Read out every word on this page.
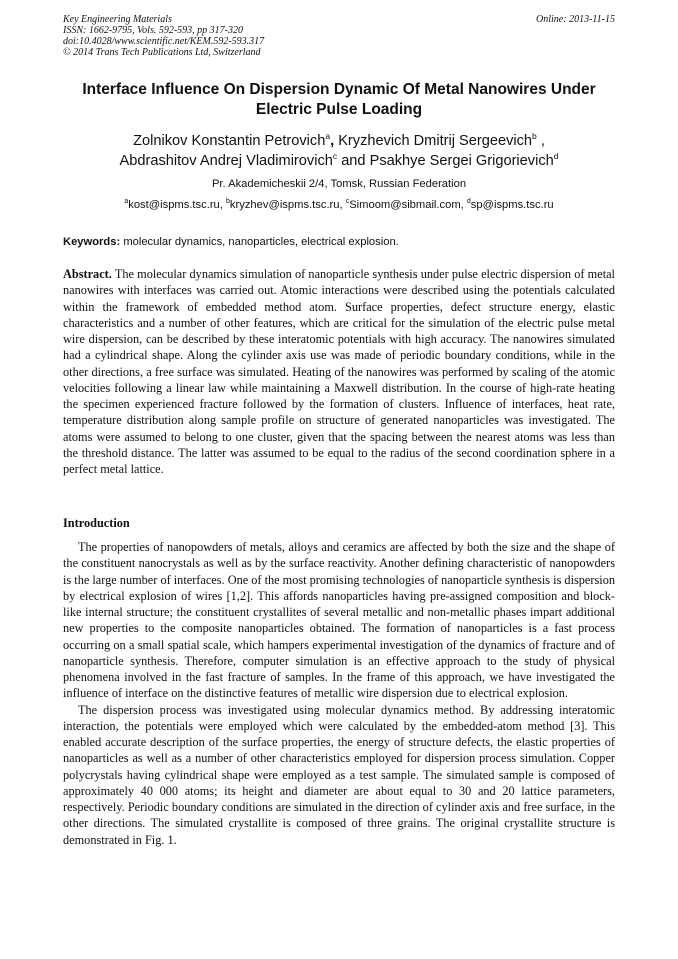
Key Engineering Materials
ISSN: 1662-9795, Vols. 592-593, pp 317-320
doi:10.4028/www.scientific.net/KEM.592-593.317
© 2014 Trans Tech Publications Ltd, Switzerland
Online: 2013-11-15
Interface Influence On Dispersion Dynamic Of Metal Nanowires Under Electric Pulse Loading
Zolnikov Konstantin Petrovich$^a$, Kryzhevich Dmitrij Sergeevich$^b$ ,
Abdrashitov Andrej Vladimirovich$^c$ and Psakhye Sergei Grigorievich$^d$
Pr. Akademicheskii 2/4, Tomsk, Russian Federation
$^a$kost@ispms.tsc.ru, $^b$kryzhev@ispms.tsc.ru, $^c$Simoom@sibmail.com, $^d$sp@ispms.tsc.ru
Keywords: molecular dynamics, nanoparticles, electrical explosion.
Abstract. The molecular dynamics simulation of nanoparticle synthesis under pulse electric dispersion of metal nanowires with interfaces was carried out. Atomic interactions were described using the potentials calculated within the framework of embedded method atom. Surface properties, defect structure energy, elastic characteristics and a number of other features, which are critical for the simulation of the electric pulse metal wire dispersion, can be described by these interatomic potentials with high accuracy. The nanowires simulated had a cylindrical shape. Along the cylinder axis use was made of periodic boundary conditions, while in the other directions, a free surface was simulated. Heating of the nanowires was performed by scaling of the atomic velocities following a linear law while maintaining a Maxwell distribution. In the course of high-rate heating the specimen experienced fracture followed by the formation of clusters. Influence of interfaces, heat rate, temperature distribution along sample profile on structure of generated nanoparticles was investigated. The atoms were assumed to belong to one cluster, given that the spacing between the nearest atoms was less than the threshold distance. The latter was assumed to be equal to the radius of the second coordination sphere in a perfect metal lattice.
Introduction

The properties of nanopowders of metals, alloys and ceramics are affected by both the size and the shape of the constituent nanocrystals as well as by the surface reactivity. Another defining characteristic of nanopowders is the large number of interfaces. One of the most promising technologies of nanoparticle synthesis is dispersion by electrical explosion of wires [1,2]. This affords nanoparticles having pre-assigned composition and block-like internal structure; the constituent crystallites of several metallic and non-metallic phases impart additional new properties to the composite nanoparticles obtained. The formation of nanoparticles is a fast process occurring on a small spatial scale, which hampers experimental investigation of the dynamics of fracture and of nanoparticle synthesis. Therefore, computer simulation is an effective approach to the study of physical phenomena involved in the fast fracture of samples. In the frame of this approach, we have investigated the influence of interface on the distinctive features of metallic wire dispersion due to electrical explosion.

The dispersion process was investigated using molecular dynamics method. By addressing interatomic interaction, the potentials were employed which were calculated by the embedded-atom method [3]. This enabled accurate description of the surface properties, the energy of structure defects, the elastic properties of nanoparticles as well as a number of other characteristics employed for dispersion process simulation. Copper polycrystals having cylindrical shape were employed as a test sample. The simulated sample is composed of approximately 40 000 atoms; its height and diameter are about equal to 30 and 20 lattice parameters, respectively. Periodic boundary conditions are simulated in the direction of cylinder axis and free surface, in the other directions. The simulated crystallite is composed of three grains. The original crystallite structure is demonstrated in Fig. 1.
